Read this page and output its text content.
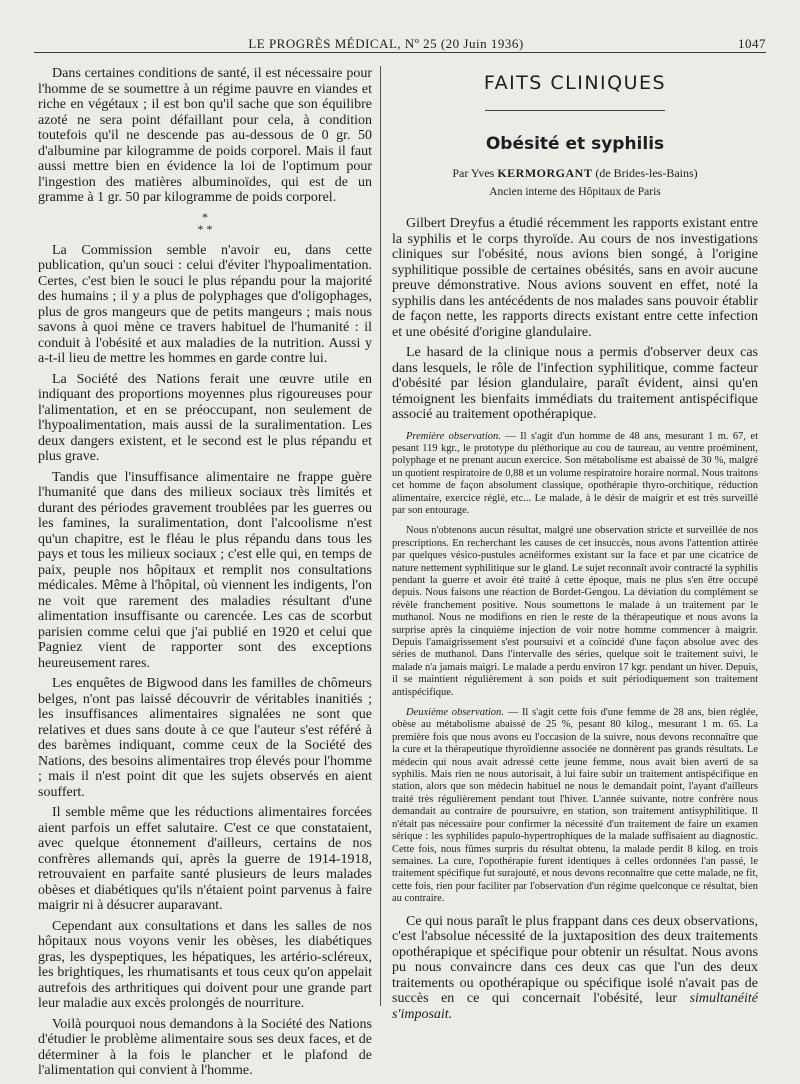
LE PROGRÈS MÉDICAL, Nº 25 (20 Juin 1936)	1047

Dans certaines conditions de santé, il est nécessaire pour l'homme de se soumettre à un régime pauvre en viandes et riche en végétaux ; il est bon qu'il sache que son équilibre azoté ne sera point défaillant pour cela, à condition toutefois qu'il ne descende pas au-dessous de 0 gr. 50 d'albumine par kilogramme de poids corporel. Mais il faut aussi mettre bien en évidence la loi de l'optimum pour l'ingestion des matières albuminoïdes, qui est de un gramme à 1 gr. 50 par kilogramme de poids corporel.

*
* *

La Commission semble n'avoir eu, dans cette publication, qu'un souci : celui d'éviter l'hypoalimentation. Certes, c'est bien le souci le plus répandu pour la majorité des humains ; il y a plus de polyphages que d'oligophages, plus de gros mangeurs que de petits mangeurs ; mais nous savons à quoi mène ce travers habituel de l'humanité : il conduit à l'obésité et aux maladies de la nutrition. Aussi y a-t-il lieu de mettre les hommes en garde contre lui.

La Société des Nations ferait une œuvre utile en indiquant des proportions moyennes plus rigoureuses pour l'alimentation, et en se préoccupant, non seulement de l'hypoalimentation, mais aussi de la suralimentation. Les deux dangers existent, et le second est le plus répandu et plus grave.

Tandis que l'insuffisance alimentaire ne frappe guère l'humanité que dans des milieux sociaux très limités et durant des périodes gravement troublées par les guerres ou les famines, la suralimentation, dont l'alcoolisme n'est qu'un chapitre, est le fléau le plus répandu dans tous les pays et tous les milieux sociaux ; c'est elle qui, en temps de paix, peuple nos hôpitaux et remplit nos consultations médicales. Même à l'hôpital, où viennent les indigents, l'on ne voit que rarement des maladies résultant d'une alimentation insuffisante ou carencée. Les cas de scorbut parisien comme celui que j'ai publié en 1920 et celui que Pagniez vient de rapporter sont des exceptions heureusement rares.

Les enquêtes de Bigwood dans les familles de chômeurs belges, n'ont pas laissé découvrir de véritables inanitiés ; les insuffisances alimentaires signalées ne sont que relatives et dues sans doute à ce que l'auteur s'est référé à des barèmes indiquant, comme ceux de la Société des Nations, des besoins alimentaires trop élevés pour l'homme ; mais il n'est point dit que les sujets observés en aient souffert.

Il semble même que les réductions alimentaires forcées aient parfois un effet salutaire. C'est ce que constataient, avec quelque étonnement d'ailleurs, certains de nos confrères allemands qui, après la guerre de 1914-1918, retrouvaient en parfaite santé plusieurs de leurs malades obèses et diabétiques qu'ils n'étaient point parvenus à faire maigrir ni à désucrer auparavant.

Cependant aux consultations et dans les salles de nos hôpitaux nous voyons venir les obèses, les diabétiques gras, les dyspeptiques, les hépatiques, les artério-scléreux, les brightiques, les rhumatisants et tous ceux qu'on appelait autrefois des arthritiques qui doivent pour une grande part leur maladie aux excès prolongés de nourriture.

Voilà pourquoi nous demandons à la Société des Nations d'étudier le problème alimentaire sous ses deux faces, et de déterminer à la fois le plancher et le plafond de l'alimentation qui convient à l'homme.

FAITS CLINIQUES
Obésité et syphilis
Par Yves KERMORGANT (de Brides-les-Bains)
Ancien interne des Hôpitaux de Paris

Gilbert Dreyfus a étudié récemment les rapports existant entre la syphilis et le corps thyroïde. Au cours de nos investigations cliniques sur l'obésité, nous avions bien songé, à l'origine syphilitique possible de certaines obésités, sans en avoir aucune preuve démonstrative. Nous avions souvent en effet, noté la syphilis dans les antécédents de nos malades sans pouvoir établir de façon nette, les rapports directs existant entre cette infection et une obésité d'origine glandulaire.

Le hasard de la clinique nous a permis d'observer deux cas dans lesquels, le rôle de l'infection syphilitique, comme facteur d'obésité par lésion glandulaire, paraît évident, ainsi qu'en témoignent les bienfaits immédiats du traitement antispécifique associé au traitement opothérapique.

Première observation. — Il s'agit d'un homme de 48 ans, mesurant 1 m. 67, et pesant 119 kgr., le prototype du pléthorique au cou de taureau, au ventre proéminent, polyphage et ne prenant aucun exercice. Son métabolisme est abaissé de 30 %, malgré un quotient respiratoire de 0,88 et un volume respiratoire horaire normal. Nous traitons cet homme de façon absolument classique, opothérapie thyro-orchitique, réduction alimentaire, exercice réglé, etc... Le malade, à le désir de maigrir et est très surveillé par son entourage.

Nous n'obtenons aucun résultat, malgré une observation stricte et surveillée de nos prescriptions. En recherchant les causes de cet insuccès, nous avons l'attention attirée par quelques vésico-pustules acnéiformes existant sur la face et par une cicatrice de nature nettement syphilitique sur le gland. Le sujet reconnaît avoir contracté la syphilis pendant la guerre et avoir été traité à cette époque, mais ne plus s'en être occupé depuis. Nous faisons une réaction de Bordet-Gengou. La déviation du complément se révèle franchement positive. Nous soumettons le malade à un traitement par le muthanol. Nous ne modifions en rien le reste de la thérapeutique et nous avons la surprise après la cinquième injection de voir notre homme commencer à maigrir. Depuis l'amaigrissement s'est poursuivi et a coïncidé d'une façon absolue avec des séries de muthanol. Dans l'intervalle des séries, quelque soit le traitement suivi, le malade n'a jamais maigri. Le malade a perdu environ 17 kgr. pendant un hiver. Depuis, il se maintient régulièrement à son poids et suit périodiquement son traitement antispécifique.

Deuxième observation. — Il s'agit cette fois d'une femme de 28 ans, bien réglée, obèse au métabolisme abaissé de 25 %, pesant 80 kilog., mesurant 1 m. 65. La première fois que nous avons eu l'occasion de la suivre, nous devons reconnaître que la cure et la thérapeutique thyroïdienne associée ne donnèrent pas grands résultats. Le médecin qui nous avait adressé cette jeune femme, nous avait bien averti de sa syphilis. Mais rien ne nous autorisait, à lui faire subir un traitement antispécifique en station, alors que son médecin habituel ne nous le demandait point, l'ayant d'ailleurs traité très régulièrement pendant tout l'hiver. L'année suivante, notre confrère nous demandait au contraire de poursuivre, en station, son traitement antisyphilitique. Il n'était pas nécessaire pour confirmer la nécessité d'un traitement de faire un examen sérique : les syphilides papulo-hypertrophiques de la malade suffisaient au diagnostic. Cette fois, nous fûmes surpris du résultat obtenu, la malade perdit 8 kilog. en trois semaines. La cure, l'opothérapie furent identiques à celles ordonnées l'an passé, le traitement spécifique fut surajouté, et nous devons reconnaître que cette malade, ne fit, cette fois, rien pour faciliter par l'observation d'un régime quelconque ce résultat, bien au contraire.

Ce qui nous paraît le plus frappant dans ces deux observations, c'est l'absolue nécessité de la juxtaposition des deux traitements opothérapique et spécifique pour obtenir un résultat. Nous avons pu nous convaincre dans ces deux cas que l'un des deux traitements ou opothérapique ou spécifique isolé n'avait pas de succès en ce qui concernait l'obésité, leur simultanéité s'imposait.
